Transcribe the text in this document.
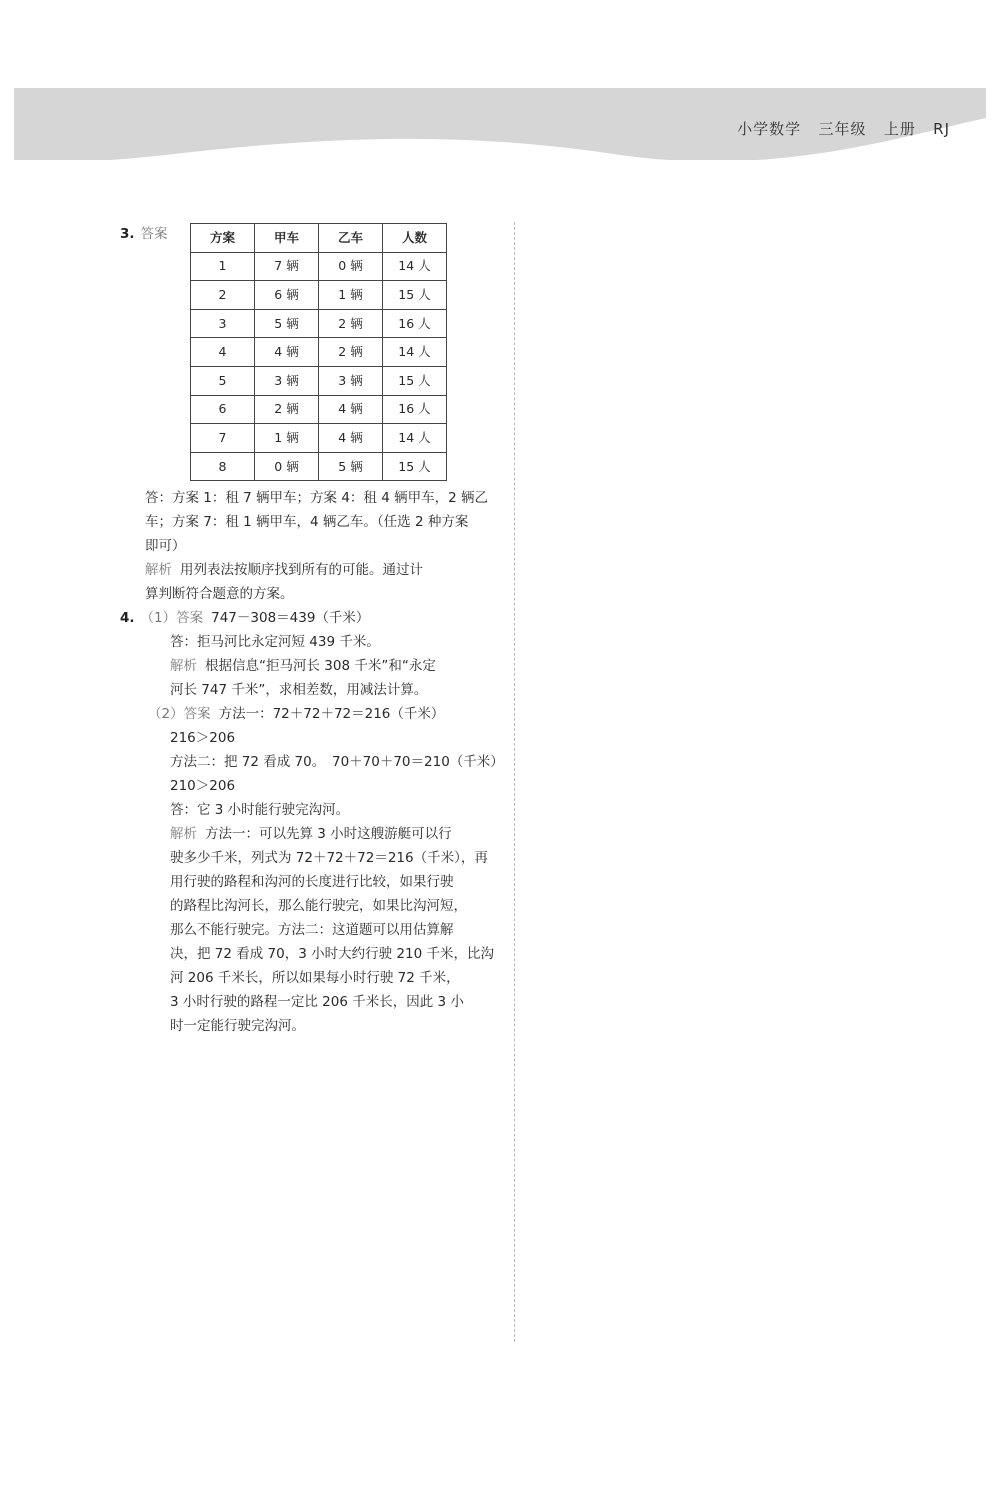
小学数学 三年级 上册 RJ
3. 答案	方案	甲车	乙车	人数
1	7 辆	0 辆	14 人
2	6 辆	1 辆	15 人
3	5 辆	2 辆	16 人
4	4 辆	2 辆	14 人
5	3 辆	3 辆	15 人
6	2 辆	4 辆	16 人
7	1 辆	4 辆	14 人
8	0 辆	5 辆	15 人
答：方案 1：租 7 辆甲车；方案 4：租 4 辆甲车，2 辆乙
车；方案 7：租 1 辆甲车，4 辆乙车。（任选 2 种方案
即可）
解析 用列表法按顺序找到所有的可能。通过计
算判断符合题意的方案。
4. （1）答案 747－308＝439（千米）
答：拒马河比永定河短 439 千米。
解析 根据信息“拒马河长 308 千米”和“永定
河长 747 千米”，求相差数，用减法计算。
（2）答案 方法一：72＋72＋72＝216（千米）
216＞206
方法二：把 72 看成 70。　70＋70＋70＝210（千米）
210＞206
答：它 3 小时能行驶完沟河。
解析 方法一：可以先算 3 小时这艘游艇可以行
驶多少千米，列式为 72＋72＋72＝216（千米），再
用行驶的路程和沟河的长度进行比较，如果行驶
的路程比沟河长，那么能行驶完，如果比沟河短，
那么不能行驶完。方法二：这道题可以用估算解
决，把 72 看成 70，3 小时大约行驶 210 千米，比沟
河 206 千米长，所以如果每小时行驶 72 千米，
3 小时行驶的路程一定比 206 千米长，因此 3 小
时一定能行驶完沟河。
